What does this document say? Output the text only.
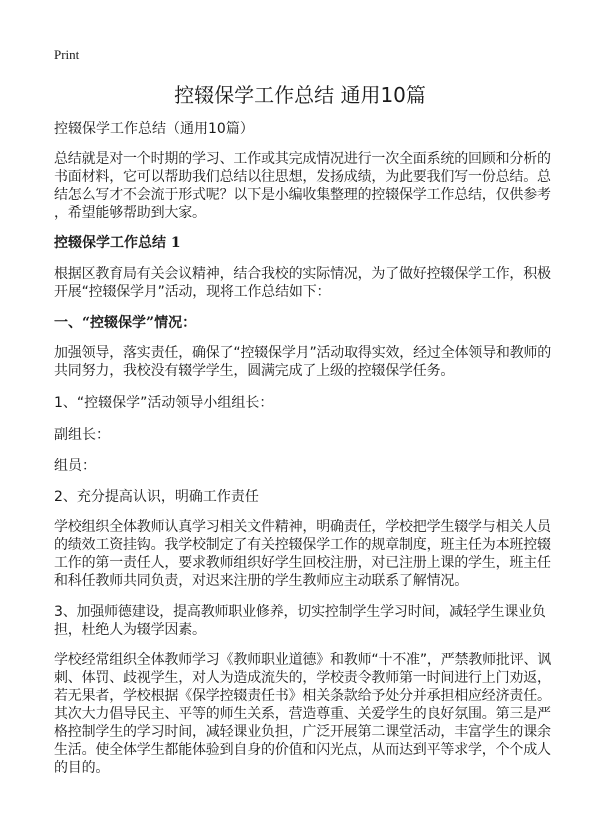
Print
控辍保学工作总结 通用10篇
控辍保学工作总结（通用10篇）
总结就是对一个时期的学习、工作或其完成情况进行一次全面系统的回顾和分析的
书面材料，它可以帮助我们总结以往思想，发扬成绩，为此要我们写一份总结。总
结怎么写才不会流于形式呢？以下是小编收集整理的控辍保学工作总结，仅供参考
，希望能够帮助到大家。
控辍保学工作总结 1
根据区教育局有关会议精神，结合我校的实际情况，为了做好控辍保学工作，积极
开展“控辍保学月”活动，现将工作总结如下：
一、“控辍保学”情况：
加强领导，落实责任，确保了“控辍保学月”活动取得实效，经过全体领导和教师的
共同努力，我校没有辍学学生，圆满完成了上级的控辍保学任务。
1、“控辍保学”活动领导小组组长：
副组长：
组员：
2、充分提高认识，明确工作责任
学校组织全体教师认真学习相关文件精神，明确责任，学校把学生辍学与相关人员
的绩效工资挂钩。我学校制定了有关控辍保学工作的规章制度，班主任为本班控辍
工作的第一责任人，要求教师组织好学生回校注册，对已注册上课的学生，班主任
和科任教师共同负责，对迟来注册的学生教师应主动联系了解情况。
3、加强师德建设，提高教师职业修养，切实控制学生学习时间，减轻学生课业负
担，杜绝人为辍学因素。
学校经常组织全体教师学习《教师职业道德》和教师“十不准”，严禁教师批评、讽
刺、体罚、歧视学生，对人为造成流失的，学校责令教师第一时间进行上门劝返，
若无果者，学校根据《保学控辍责任书》相关条款给予处分并承担相应经济责任。
其次大力倡导民主、平等的师生关系，营造尊重、关爱学生的良好氛围。第三是严
格控制学生的学习时间，减轻课业负担，广泛开展第二课堂活动，丰富学生的课余
生活。使全体学生都能体验到自身的价值和闪光点，从而达到平等求学，个个成人
的目的。
